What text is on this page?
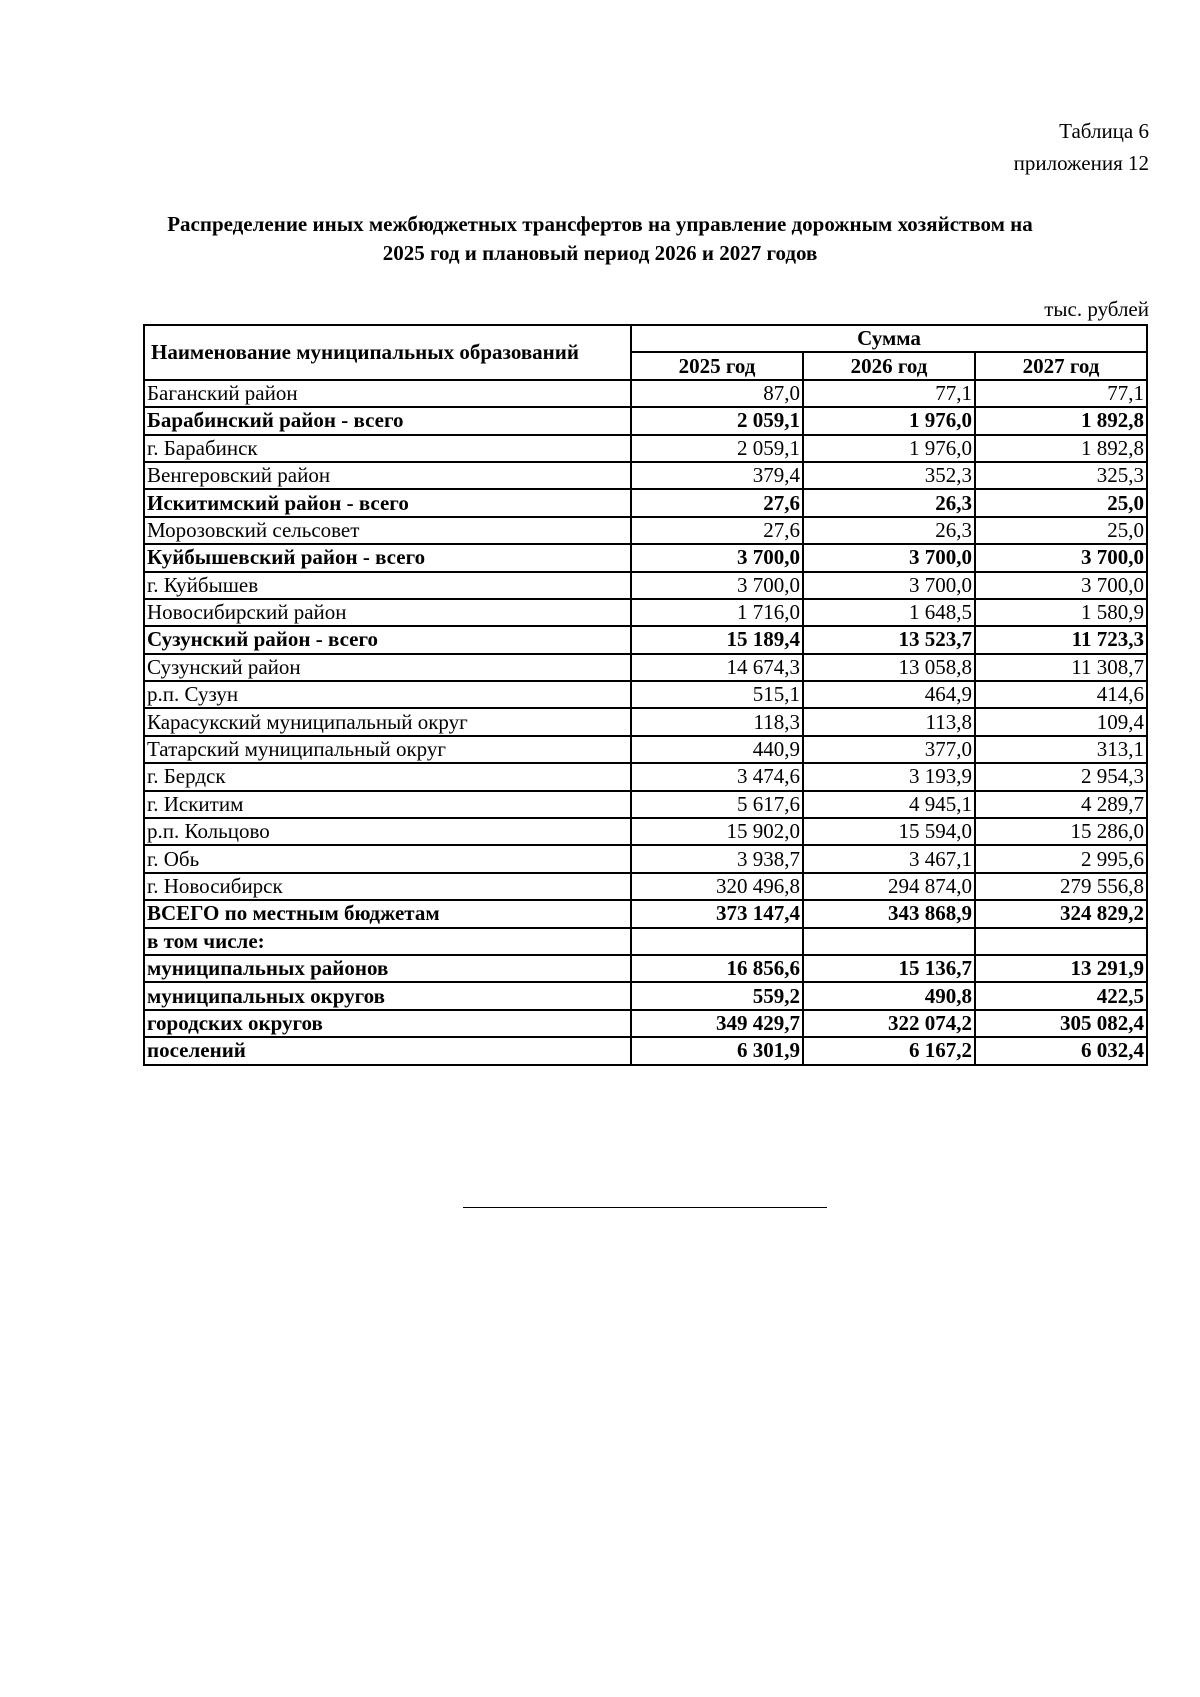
Таблица 6
приложения 12
Распределение иных межбюджетных трансфертов на управление дорожным хозяйством на
2025 год и плановый период 2026 и 2027 годов
тыс. рублей
Наименование муниципальных образований	Сумма		
	2025 год	2026 год	2027 год
Баганский район	87,0	77,1	77,1
Барабинский район - всего	2 059,1	1 976,0	1 892,8
г. Барабинск	2 059,1	1 976,0	1 892,8
Венгеровский район	379,4	352,3	325,3
Искитимский район - всего	27,6	26,3	25,0
Морозовский сельсовет	27,6	26,3	25,0
Куйбышевский район - всего	3 700,0	3 700,0	3 700,0
г. Куйбышев	3 700,0	3 700,0	3 700,0
Новосибирский район	1 716,0	1 648,5	1 580,9
Сузунский район - всего	15 189,4	13 523,7	11 723,3
Сузунский район	14 674,3	13 058,8	11 308,7
р.п. Сузун	515,1	464,9	414,6
Карасукский муниципальный округ	118,3	113,8	109,4
Татарский муниципальный округ	440,9	377,0	313,1
г. Бердск	3 474,6	3 193,9	2 954,3
г. Искитим	5 617,6	4 945,1	4 289,7
р.п. Кольцово	15 902,0	15 594,0	15 286,0
г. Обь	3 938,7	3 467,1	2 995,6
г. Новосибирск	320 496,8	294 874,0	279 556,8
ВСЕГО по местным бюджетам	373 147,4	343 868,9	324 829,2
в том числе:			
муниципальных районов	16 856,6	15 136,7	13 291,9
муниципальных округов	559,2	490,8	422,5
городских округов	349 429,7	322 074,2	305 082,4
поселений	6 301,9	6 167,2	6 032,4
